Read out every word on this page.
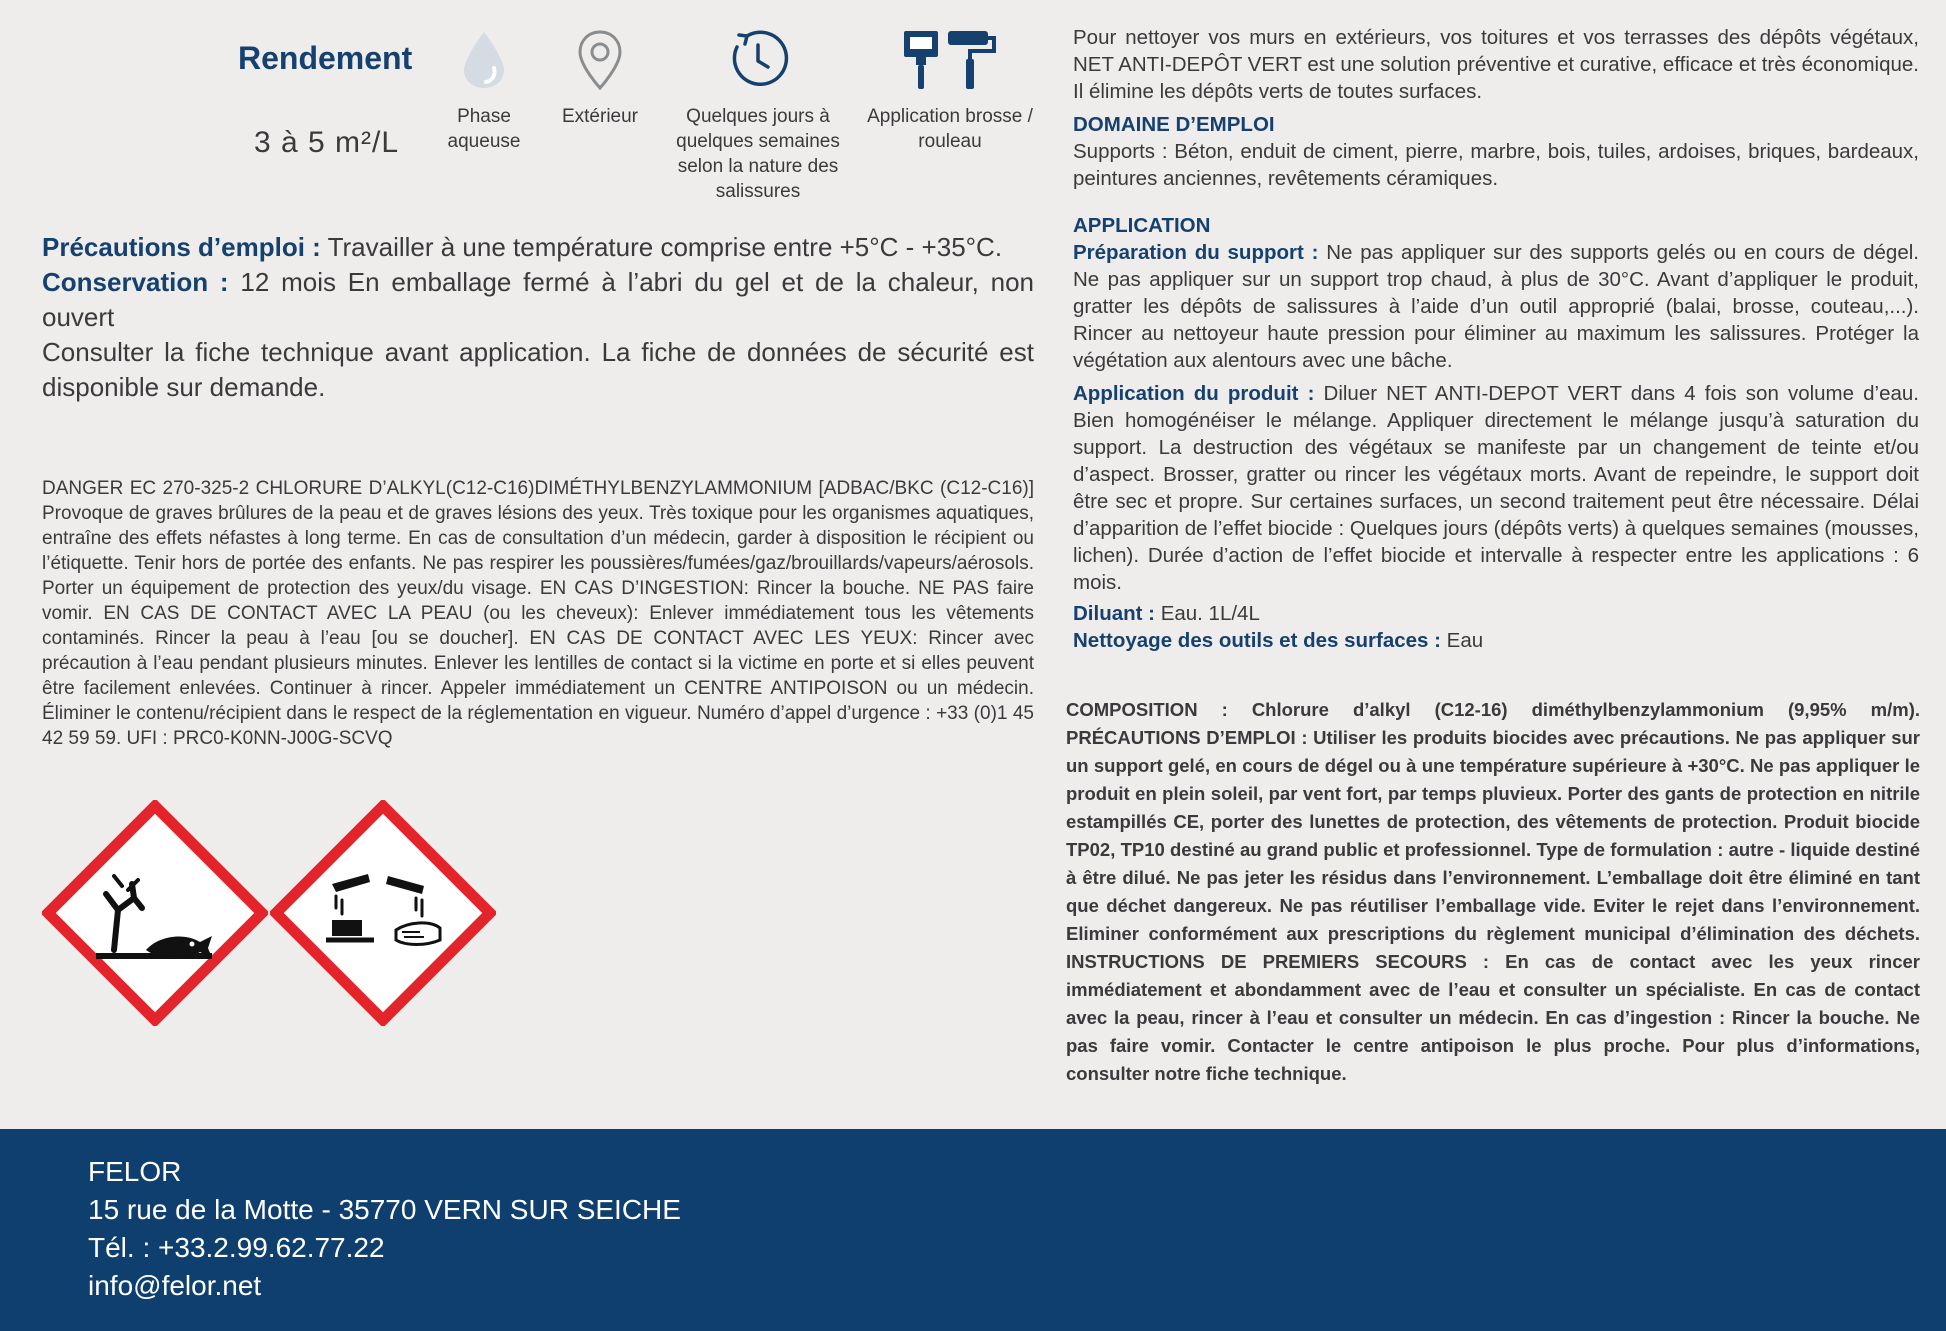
Rendement
3 à 5 m²/L
Phase aqueuse
Extérieur	Quelques jours à quelques semaines selon la nature des salissures
Application brosse / rouleau

Précautions d’emploi : Travailler à une température comprise entre +5°C - +35°C.

Conservation : 12 mois En emballage fermé à l’abri du gel et de la chaleur, non ouvert

Consulter la fiche technique avant application. La fiche de données de sécurité est disponible sur demande.

DANGER EC 270-325-2 CHLORURE D’ALKYL(C12-C16)DIMÉTHYLBENZYLAMMONIUM [ADBAC/BKC (C12-C16)] Provoque de graves brûlures de la peau et de graves lésions des yeux. Très toxique pour les organismes aquatiques, entraîne des effets néfastes à long terme. En cas de consultation d’un médecin, garder à disposition le récipient ou l’étiquette. Tenir hors de portée des enfants. Ne pas respirer les poussières/fumées/gaz/brouillards/vapeurs/aérosols. Porter un équipement de protection des yeux/du visage. EN CAS D’INGESTION: Rincer la bouche. NE PAS faire vomir. EN CAS DE CONTACT AVEC LA PEAU (ou les cheveux): Enlever immédiatement tous les vêtements contaminés. Rincer la peau à l’eau [ou se doucher]. EN CAS DE CONTACT AVEC LES YEUX: Rincer avec précaution à l’eau pendant plusieurs minutes. Enlever les lentilles de contact si la victime en porte et si elles peuvent être facilement enlevées. Continuer à rincer. Appeler immédiatement un CENTRE ANTIPOISON ou un médecin. Éliminer le contenu/récipient dans le respect de la réglementation en vigueur. Numéro d’appel d’urgence : +33 (0)1 45 42 59 59. UFI : PRC0-K0NN-J00G-SCVQ

Pour nettoyer vos murs en extérieurs, vos toitures et vos terrasses des dépôts végétaux, NET ANTI-DEPÔT VERT est une solution préventive et curative, efficace et très économique. Il élimine les dépôts verts de toutes surfaces.

DOMAINE D’EMPLOI

Supports : Béton, enduit de ciment, pierre, marbre, bois, tuiles, ardoises, briques, bardeaux, peintures anciennes, revêtements céramiques.

APPLICATION

Préparation du support : Ne pas appliquer sur des supports gelés ou en cours de dégel. Ne pas appliquer sur un support trop chaud, à plus de 30°C. Avant d’appliquer le produit, gratter les dépôts de salissures à l’aide d’un outil approprié (balai, brosse, couteau,...). Rincer au nettoyeur haute pression pour éliminer au maximum les salissures. Protéger la végétation aux alentours avec une bâche.

Application du produit : Diluer NET ANTI-DEPOT VERT dans 4 fois son volume d’eau. Bien homogénéiser le mélange. Appliquer directement le mélange jusqu’à saturation du support. La destruction des végétaux se manifeste par un changement de teinte et/ou d’aspect. Brosser, gratter ou rincer les végétaux morts. Avant de repeindre, le support doit être sec et propre. Sur certaines surfaces, un second traitement peut être nécessaire. Délai d’apparition de l’effet biocide : Quelques jours (dépôts verts) à quelques semaines (mousses, lichen). Durée d’action de l’effet biocide et intervalle à respecter entre les applications : 6 mois.

Diluant : Eau. 1L/4L

Nettoyage des outils et des surfaces : Eau

COMPOSITION : Chlorure d’alkyl (C12-16) diméthylbenzylammonium (9,95% m/m). PRÉCAUTIONS D’EMPLOI : Utiliser les produits biocides avec précautions. Ne pas appliquer sur un support gelé, en cours de dégel ou à une température supérieure à +30°C. Ne pas appliquer le produit en plein soleil, par vent fort, par temps pluvieux. Porter des gants de protection en nitrile estampillés CE, porter des lunettes de protection, des vêtements de protection. Produit biocide TP02, TP10 destiné au grand public et professionnel. Type de formulation : autre - liquide destiné à être dilué. Ne pas jeter les résidus dans l’environnement. L’emballage doit être éliminé en tant que déchet dangereux. Ne pas réutiliser l’emballage vide. Eviter le rejet dans l’environnement. Eliminer conformément aux prescriptions du règlement municipal d’élimination des déchets. INSTRUCTIONS DE PREMIERS SECOURS : En cas de contact avec les yeux rincer immédiatement et abondamment avec de l’eau et consulter un spécialiste. En cas de contact avec la peau, rincer à l’eau et consulter un médecin. En cas d’ingestion : Rincer la bouche. Ne pas faire vomir. Contacter le centre antipoison le plus proche. Pour plus d’informations, consulter notre fiche technique.
FELOR
15 rue de la Motte - 35770 VERN SUR SEICHE
Tél. : +33.2.99.62.77.22
info@felor.net
